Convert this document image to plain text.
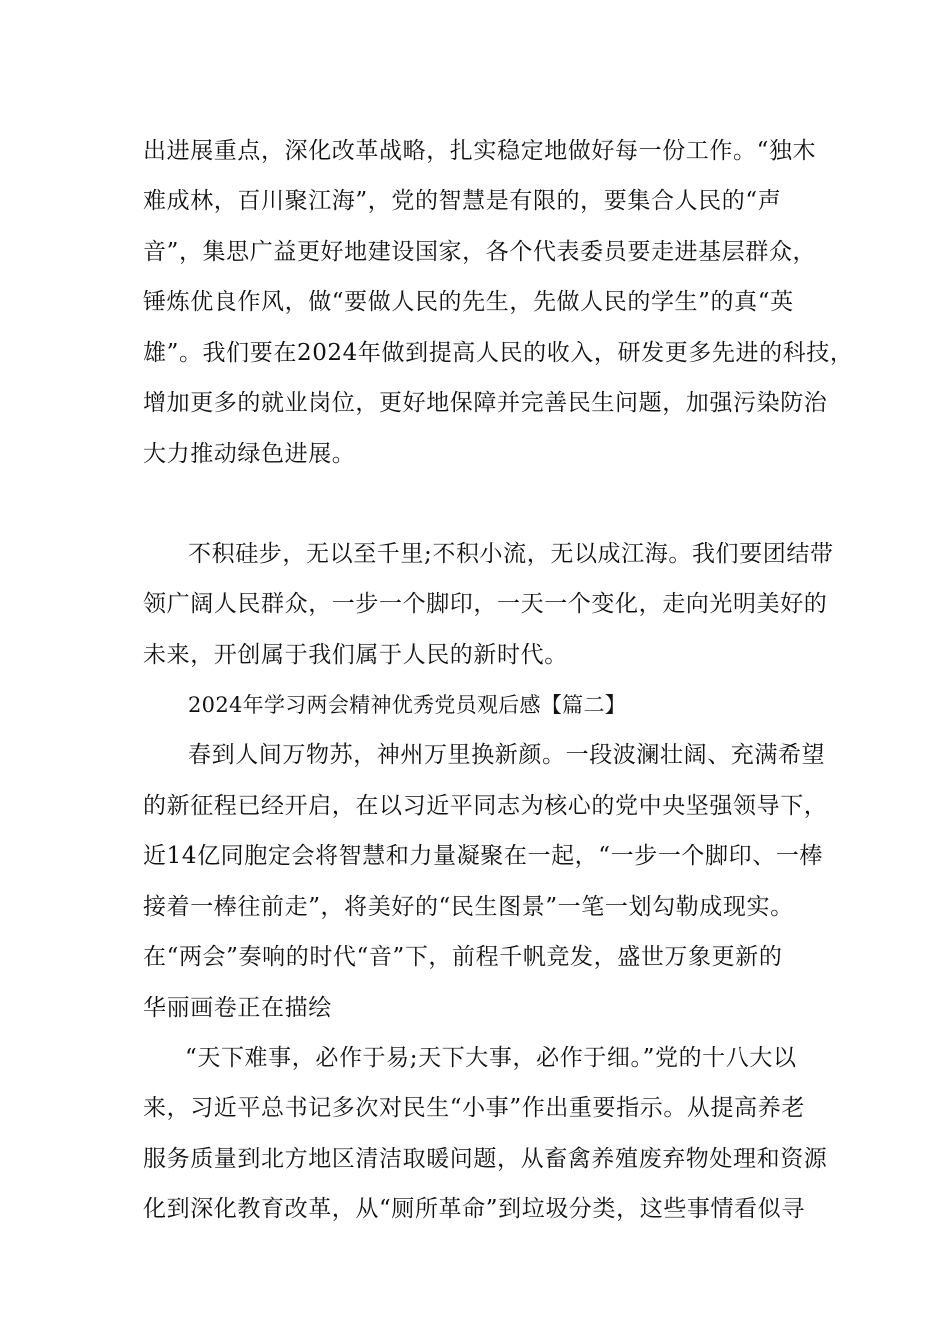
出进展重点，深化改革战略，扎实稳定地做好每一份工作。“独木
难成林，百川聚江海”，党的智慧是有限的，要集合人民的“声
音”，集思广益更好地建设国家，各个代表委员要走进基层群众，
锤炼优良作风，做“要做人民的先生，先做人民的学生”的真“英
雄”。我们要在2024年做到提高人民的收入，研发更多先进的科技，
增加更多的就业岗位，更好地保障并完善民生问题，加强污染防治
大力推动绿色进展。
不积硅步，无以至千里;不积小流，无以成江海。我们要团结带
领广阔人民群众，一步一个脚印，一天一个变化，走向光明美好的
未来，开创属于我们属于人民的新时代。
2024年学习两会精神优秀党员观后感【篇二】
春到人间万物苏，神州万里换新颜。一段波澜壮阔、充满希望
的新征程已经开启，在以习近平同志为核心的党中央坚强领导下，
近14亿同胞定会将智慧和力量凝聚在一起，“一步一个脚印、一棒
接着一棒往前走”，将美好的“民生图景”一笔一划勾勒成现实。
在“两会”奏响的时代“音”下，前程千帆竞发，盛世万象更新的
华丽画卷正在描绘
“天下难事，必作于易;天下大事，必作于细。”党的十八大以
来，习近平总书记多次对民生“小事”作出重要指示。从提高养老
服务质量到北方地区清洁取暖问题，从畜禽养殖废弃物处理和资源
化到深化教育改革，从“厕所革命”到垃圾分类，这些事情看似寻
